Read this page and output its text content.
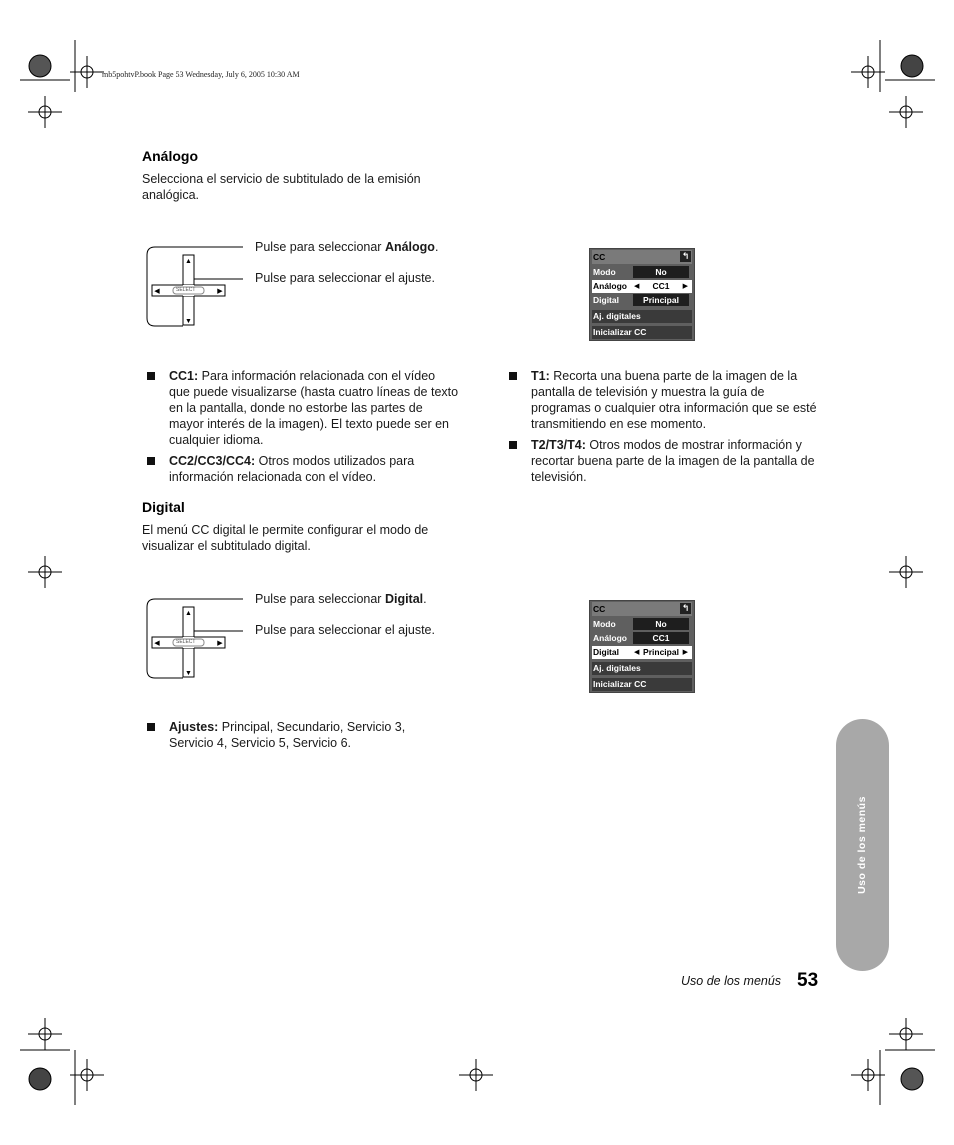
mb5pohtvP.book Page 53 Wednesday, July 6, 2005 10:30 AM
Análogo
Selecciona el servicio de subtitulado de la emisión analógica.
▲
▼
◀	▶
SELECT
Pulse para seleccionar Análogo.
Pulse para seleccionar el ajuste.
CC	↰
Modo	No
Análogo ◀ CC1 ▶
Digital	Principal
Aj. digitales
Inicializar CC
CC1: Para información relacionada con el vídeo que puede visualizarse (hasta cuatro líneas de texto en la pantalla, donde no estorbe las partes de mayor interés de la imagen). El texto puede ser en cualquier idioma.
CC2/CC3/CC4: Otros modos utilizados para información relacionada con el vídeo.
T1: Recorta una buena parte de la imagen de la pantalla de televisión y muestra la guía de programas o cualquier otra información que se esté transmitiendo en ese momento.
T2/T3/T4: Otros modos de mostrar información y recortar buena parte de la imagen de la pantalla de televisión.
Digital
El menú CC digital le permite configurar el modo de visualizar el subtitulado digital.
▲
▼
◀	▶
SELECT
Pulse para seleccionar Digital.
Pulse para seleccionar el ajuste.
CC	↰
Modo	No
Análogo	CC1
Digital ◀ Principal ▶
Aj. digitales
Inicializar CC
Ajustes: Principal, Secundario, Servicio 3, Servicio 4, Servicio 5, Servicio 6.
Uso de los menús
Uso de los menús 53
